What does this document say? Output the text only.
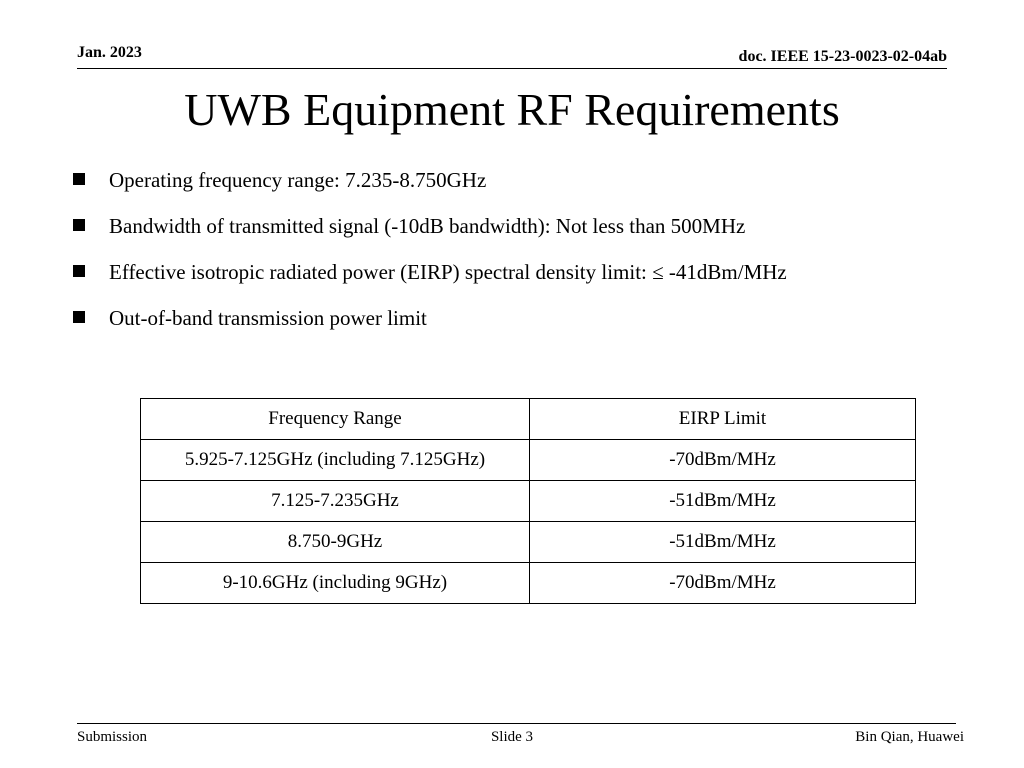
Jan. 2023	doc. IEEE 15-23-0023-02-04ab
UWB Equipment RF Requirements
Operating frequency range: 7.235-8.750GHz
Bandwidth of transmitted signal (-10dB bandwidth): Not less than 500MHz
Effective isotropic radiated power (EIRP) spectral density limit: ≤ -41dBm/MHz
Out-of-band transmission power limit
Frequency Range	EIRP Limit
5.925-7.125GHz (including 7.125GHz)	-70dBm/MHz
7.125-7.235GHz	-51dBm/MHz
8.750-9GHz	-51dBm/MHz
9-10.6GHz (including 9GHz)	-70dBm/MHz
Submission	Slide 3	Bin Qian, Huawei
